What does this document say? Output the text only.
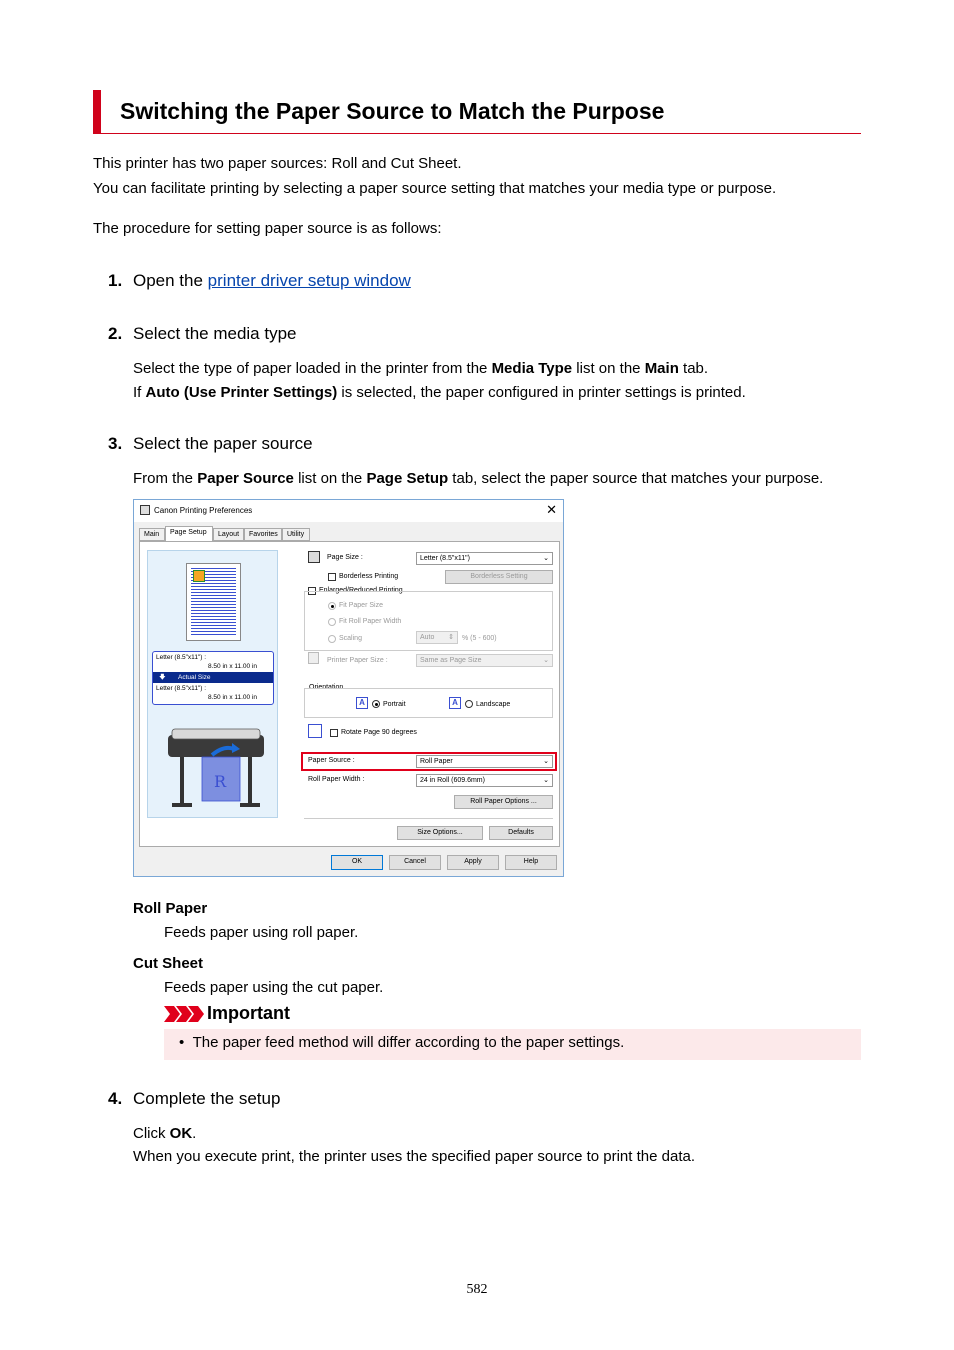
Switching the Paper Source to Match the Purpose
This printer has two paper sources: Roll and Cut Sheet.
You can facilitate printing by selecting a paper source setting that matches your media type or purpose.
The procedure for setting paper source is as follows:
1. Open the printer driver setup window
2. Select the media type
Select the type of paper loaded in the printer from the Media Type list on the Main tab.
If Auto (Use Printer Settings) is selected, the paper configured in printer settings is printed.
3. Select the paper source
From the Paper Source list on the Page Setup tab, select the paper source that matches your purpose.
Canon Printing Preferences	✕
Main	Page Setup	Layout	Favorites	Utility
Letter (8.5"x11") :
8.50 in x 11.00 in
🡇 Actual Size
Letter (8.5"x11") :
8.50 in x 11.00 in
R
Page Size :	Letter (8.5"x11")	⌄
Borderless Printing	Borderless Setting
Enlarged/Reduced Printing
Fit Paper Size
Fit Roll Paper Width
Scaling	Auto ⇕ % (5 - 600)
Printer Paper Size :	Same as Page Size	⌄
Orientation
A	Portrait	A	Landscape
Rotate Page 90 degrees
Paper Source :	Roll Paper	⌄
Roll Paper Width :	24 in Roll (609.6mm)	⌄
Roll Paper Options ...
Size Options...	Defaults
OK	Cancel	Apply	Help
Roll Paper
Feeds paper using roll paper.
Cut Sheet
Feeds paper using the cut paper.
Important
•  The paper feed method will differ according to the paper settings.
4. Complete the setup
Click OK.
When you execute print, the printer uses the specified paper source to print the data.
582
